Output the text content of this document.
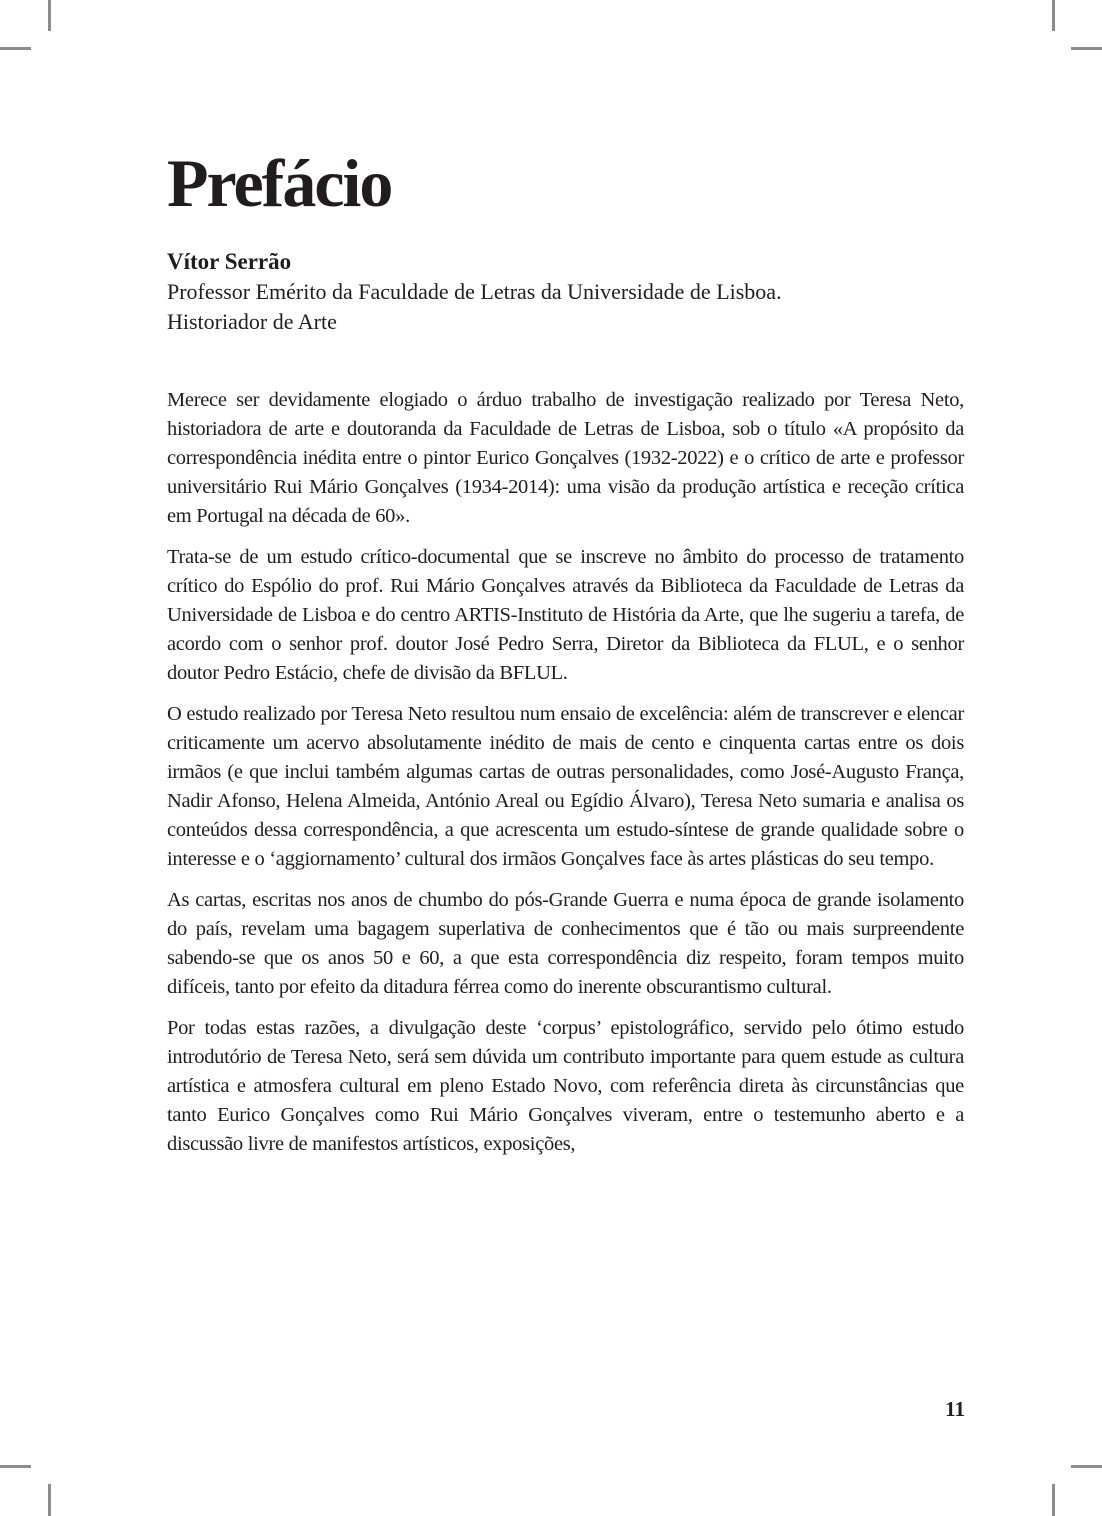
Prefácio
Vítor Serrão
Professor Emérito da Faculdade de Letras da Universidade de Lisboa.
Historiador de Arte

Merece ser devidamente elogiado o árduo trabalho de investigação realizado por Teresa Neto, historiadora de arte e doutoranda da Faculdade de Letras de Lisboa, sob o título «A propósito da correspondência inédita entre o pintor Eurico Gonçalves (1932-2022) e o crítico de arte e professor universitário Rui Mário Gonçalves (1934-2014): uma visão da produção artística e receção crítica em Portugal na década de 60».

Trata-se de um estudo crítico-documental que se inscreve no âmbito do processo de tratamento crítico do Espólio do prof. Rui Mário Gonçalves através da Biblioteca da Faculdade de Letras da Universidade de Lisboa e do centro ARTIS-Instituto de História da Arte, que lhe sugeriu a tarefa, de acordo com o senhor prof. doutor José Pedro Serra, Diretor da Biblioteca da FLUL, e o senhor doutor Pedro Estácio, chefe de divisão da BFLUL.

O estudo realizado por Teresa Neto resultou num ensaio de excelência: além de transcrever e elencar criticamente um acervo absolutamente inédito de mais de cento e cinquenta cartas entre os dois irmãos (e que inclui também algumas cartas de outras personalidades, como José-Augusto França, Nadir Afonso, Helena Almeida, António Areal ou Egídio Álvaro), Teresa Neto sumaria e analisa os conteúdos dessa correspondência, a que acrescenta um estudo-síntese de grande qualidade sobre o interesse e o ‘aggiornamento’ cultural dos irmãos Gonçalves face às artes plásticas do seu tempo.

As cartas, escritas nos anos de chumbo do pós-Grande Guerra e numa época de grande isolamento do país, revelam uma bagagem superlativa de conhecimentos que é tão ou mais surpreendente sabendo-se que os anos 50 e 60, a que esta correspondência diz respeito, foram tempos muito difíceis, tanto por efeito da ditadura férrea como do inerente obscurantismo cultural.

Por todas estas razões, a divulgação deste ‘corpus’ epistolográfico, servido pelo ótimo estudo introdutório de Teresa Neto, será sem dúvida um contributo importante para quem estude as cultura artística e atmosfera cultural em pleno Estado Novo, com referência direta às circunstâncias que tanto Eurico Gonçalves como Rui Mário Gonçalves viveram, entre o testemunho aberto e a discussão livre de manifestos artísticos, exposições,

11
